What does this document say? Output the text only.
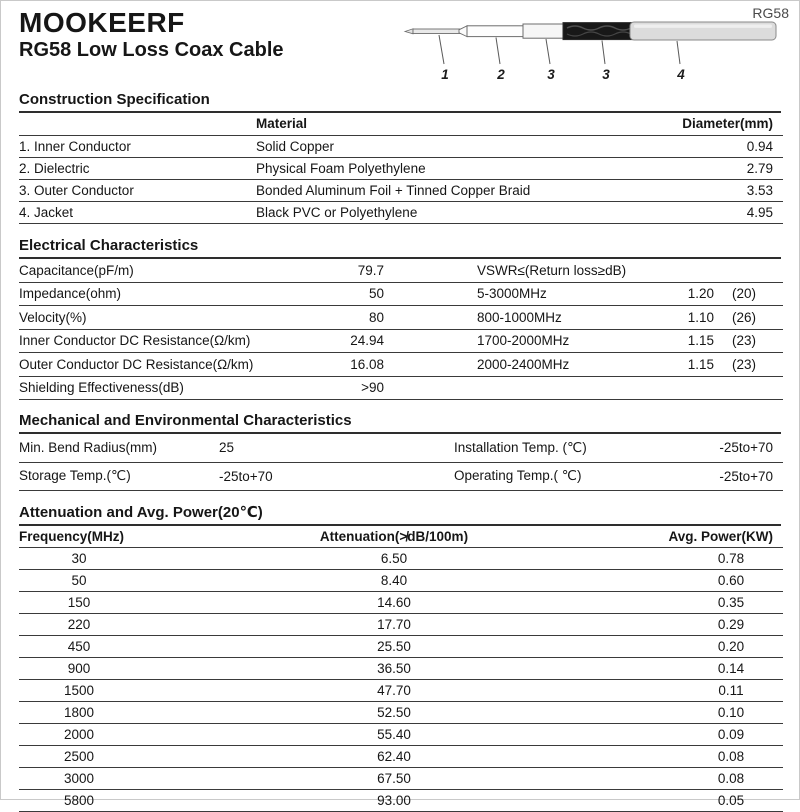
MOOKEERF
RG58 Low Loss Coax Cable
RG58
1	2	3	3	4
Construction Specification
	Material	Diameter(mm)
1. Inner Conductor	Solid Copper	0.94
2. Dielectric	Physical Foam Polyethylene	2.79
3. Outer Conductor	Bonded Aluminum Foil + Tinned Copper Braid	3.53
4. Jacket	Black PVC or Polyethylene	4.95
Electrical Characteristics
Capacitance(pF/m)	79.7	VSWR≤(Return loss≥dB)		
Impedance(ohm)	50	5-3000MHz	1.20	(20)
Velocity(%)	80	800-1000MHz	1.10	(26)
Inner Conductor DC Resistance(Ω/km)	24.94	1700-2000MHz	1.15	(23)
Outer Conductor DC Resistance(Ω/km)	16.08	2000-2400MHz	1.15	(23)
Shielding Effectiveness(dB)	>90			
Mechanical and Environmental Characteristics
Min. Bend Radius(mm)	25	Installation Temp. (℃)	-25to+70
Storage Temp.(℃)	-25to+70	Operating Temp.( ℃)	-25to+70
Attenuation and Avg. Power(20℃)
Frequency(MHz)	Attenuation(≯dB/100m)	Avg. Power(KW)
30	6.50	0.78
50	8.40	0.60
150	14.60	0.35
220	17.70	0.29
450	25.50	0.20
900	36.50	0.14
1500	47.70	0.11
1800	52.50	0.10
2000	55.40	0.09
2500	62.40	0.08
3000	67.50	0.08
5800	93.00	0.05
